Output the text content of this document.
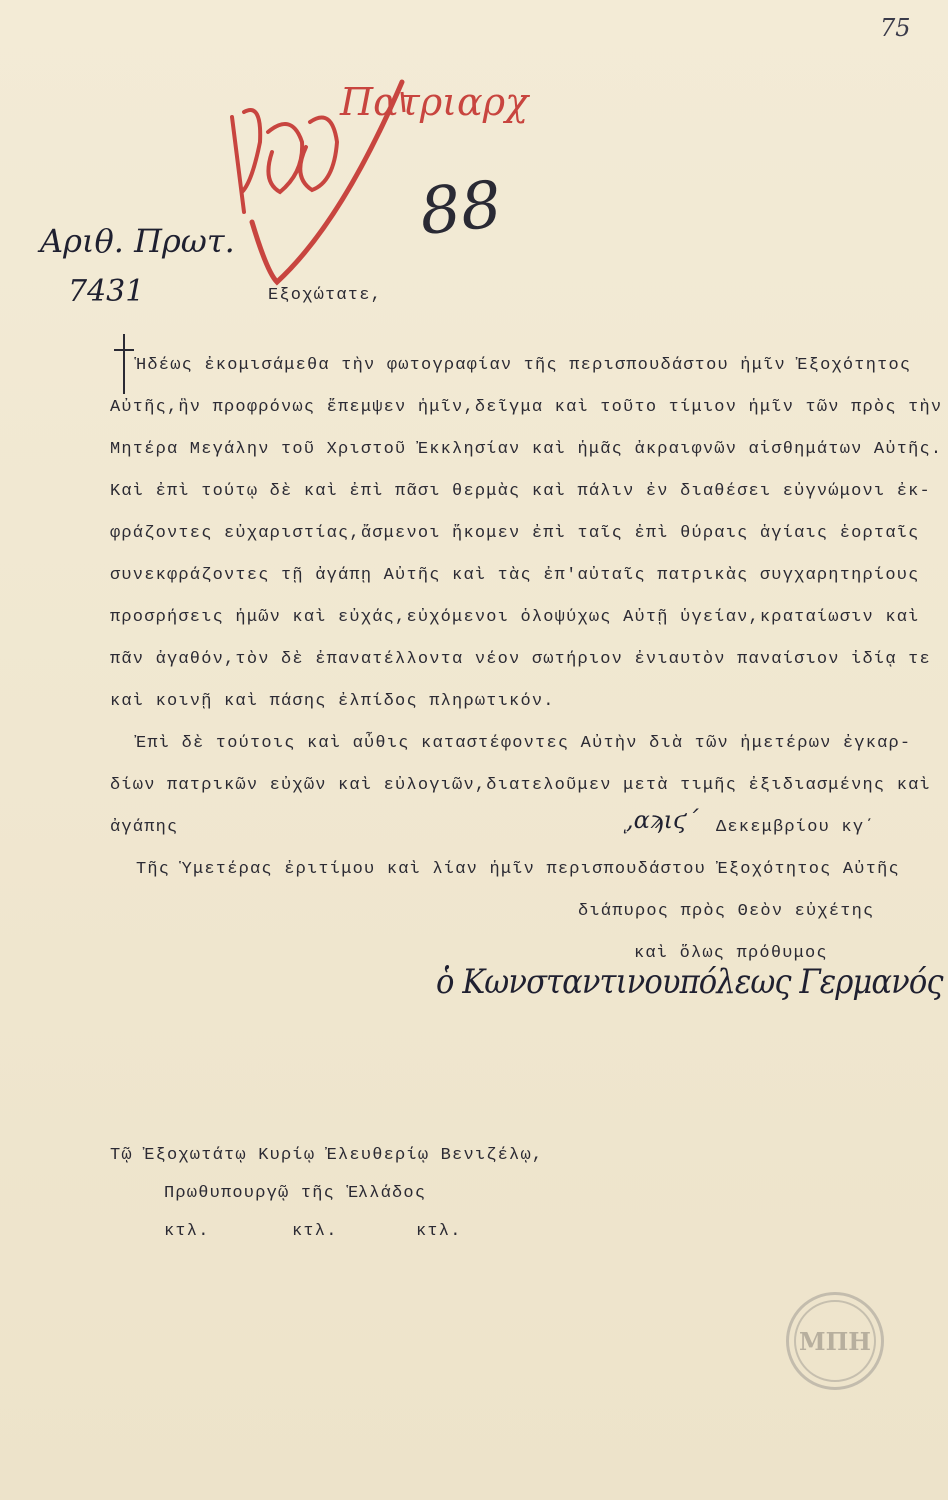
75
Πατριαρχ
88
Αριθ. Πρωτ.
7431	Εξοχώτατε,
Ἡδέως ἐκομισάμεθα τὴν φωτογραφίαν τῆς περισπουδάστου ἡμῖν Ἐξοχότητος
Αὐτῆς,ἣν προφρόνως ἔπεμψεν ἡμῖν,δεῖγμα καὶ τοῦτο τίμιον ἡμῖν τῶν πρὸς τὴν
Μητέρα Μεγάλην τοῦ Χριστοῦ Ἐκκλησίαν καὶ ἡμᾶς ἀκραιφνῶν αἰσθημάτων Αὐτῆς.
Καὶ ἐπὶ τούτῳ δὲ καὶ ἐπὶ πᾶσι θερμὰς καὶ πάλιν ἐν διαθέσει εὐγνώμονι ἐκ-
φράζοντες εὐχαριστίας,ἄσμενοι ἥκομεν ἐπὶ ταῖς ἐπὶ θύραις ἁγίαις ἑορταῖς
συνεκφράζοντες τῇ ἀγάπῃ Αὐτῆς καὶ τὰς ἐπ'αὐταῖς πατρικὰς συγχαρητηρίους
προσρήσεις ἡμῶν καὶ εὐχάς,εὐχόμενοι ὁλοψύχως Αὐτῇ ὑγείαν,κραταίωσιν καὶ
πᾶν ἀγαθόν,τὸν δὲ ἐπανατέλλοντα νέον σωτήριον ἐνιαυτὸν παναίσιον ἰδίᾳ τε
καὶ κοινῇ καὶ πάσης ἐλπίδος πληρωτικόν.
Ἐπὶ δὲ τούτοις καὶ αὖθις καταστέφοντες Αὐτὴν διὰ τῶν ἡμετέρων ἐγκαρ-
δίων πατρικῶν εὐχῶν καὶ εὐλογιῶν,διατελοῦμεν μετὰ τιμῆς ἐξιδιασμένης καὶ
ἀγάπης	ͅ,αϡιϛ΄ Δεκεμβρίου κγ΄
Τῆς Ὑμετέρας ἐριτίμου καὶ λίαν ἡμῖν περισπουδάστου Ἐξοχότητος Αὐτῆς
διάπυρος πρὸς Θεὸν εὐχέτης
καὶ ὅλως πρόθυμος
ὁ Κωνσταντινουπόλεως Γερμανός
Τῷ Ἐξοχωτάτῳ Κυρίῳ Ἐλευθερίῳ Βενιζέλῳ,
Πρωθυπουργῷ τῆς Ἑλλάδος
κτλ.	κτλ.	κτλ.
ΜΠΗ
